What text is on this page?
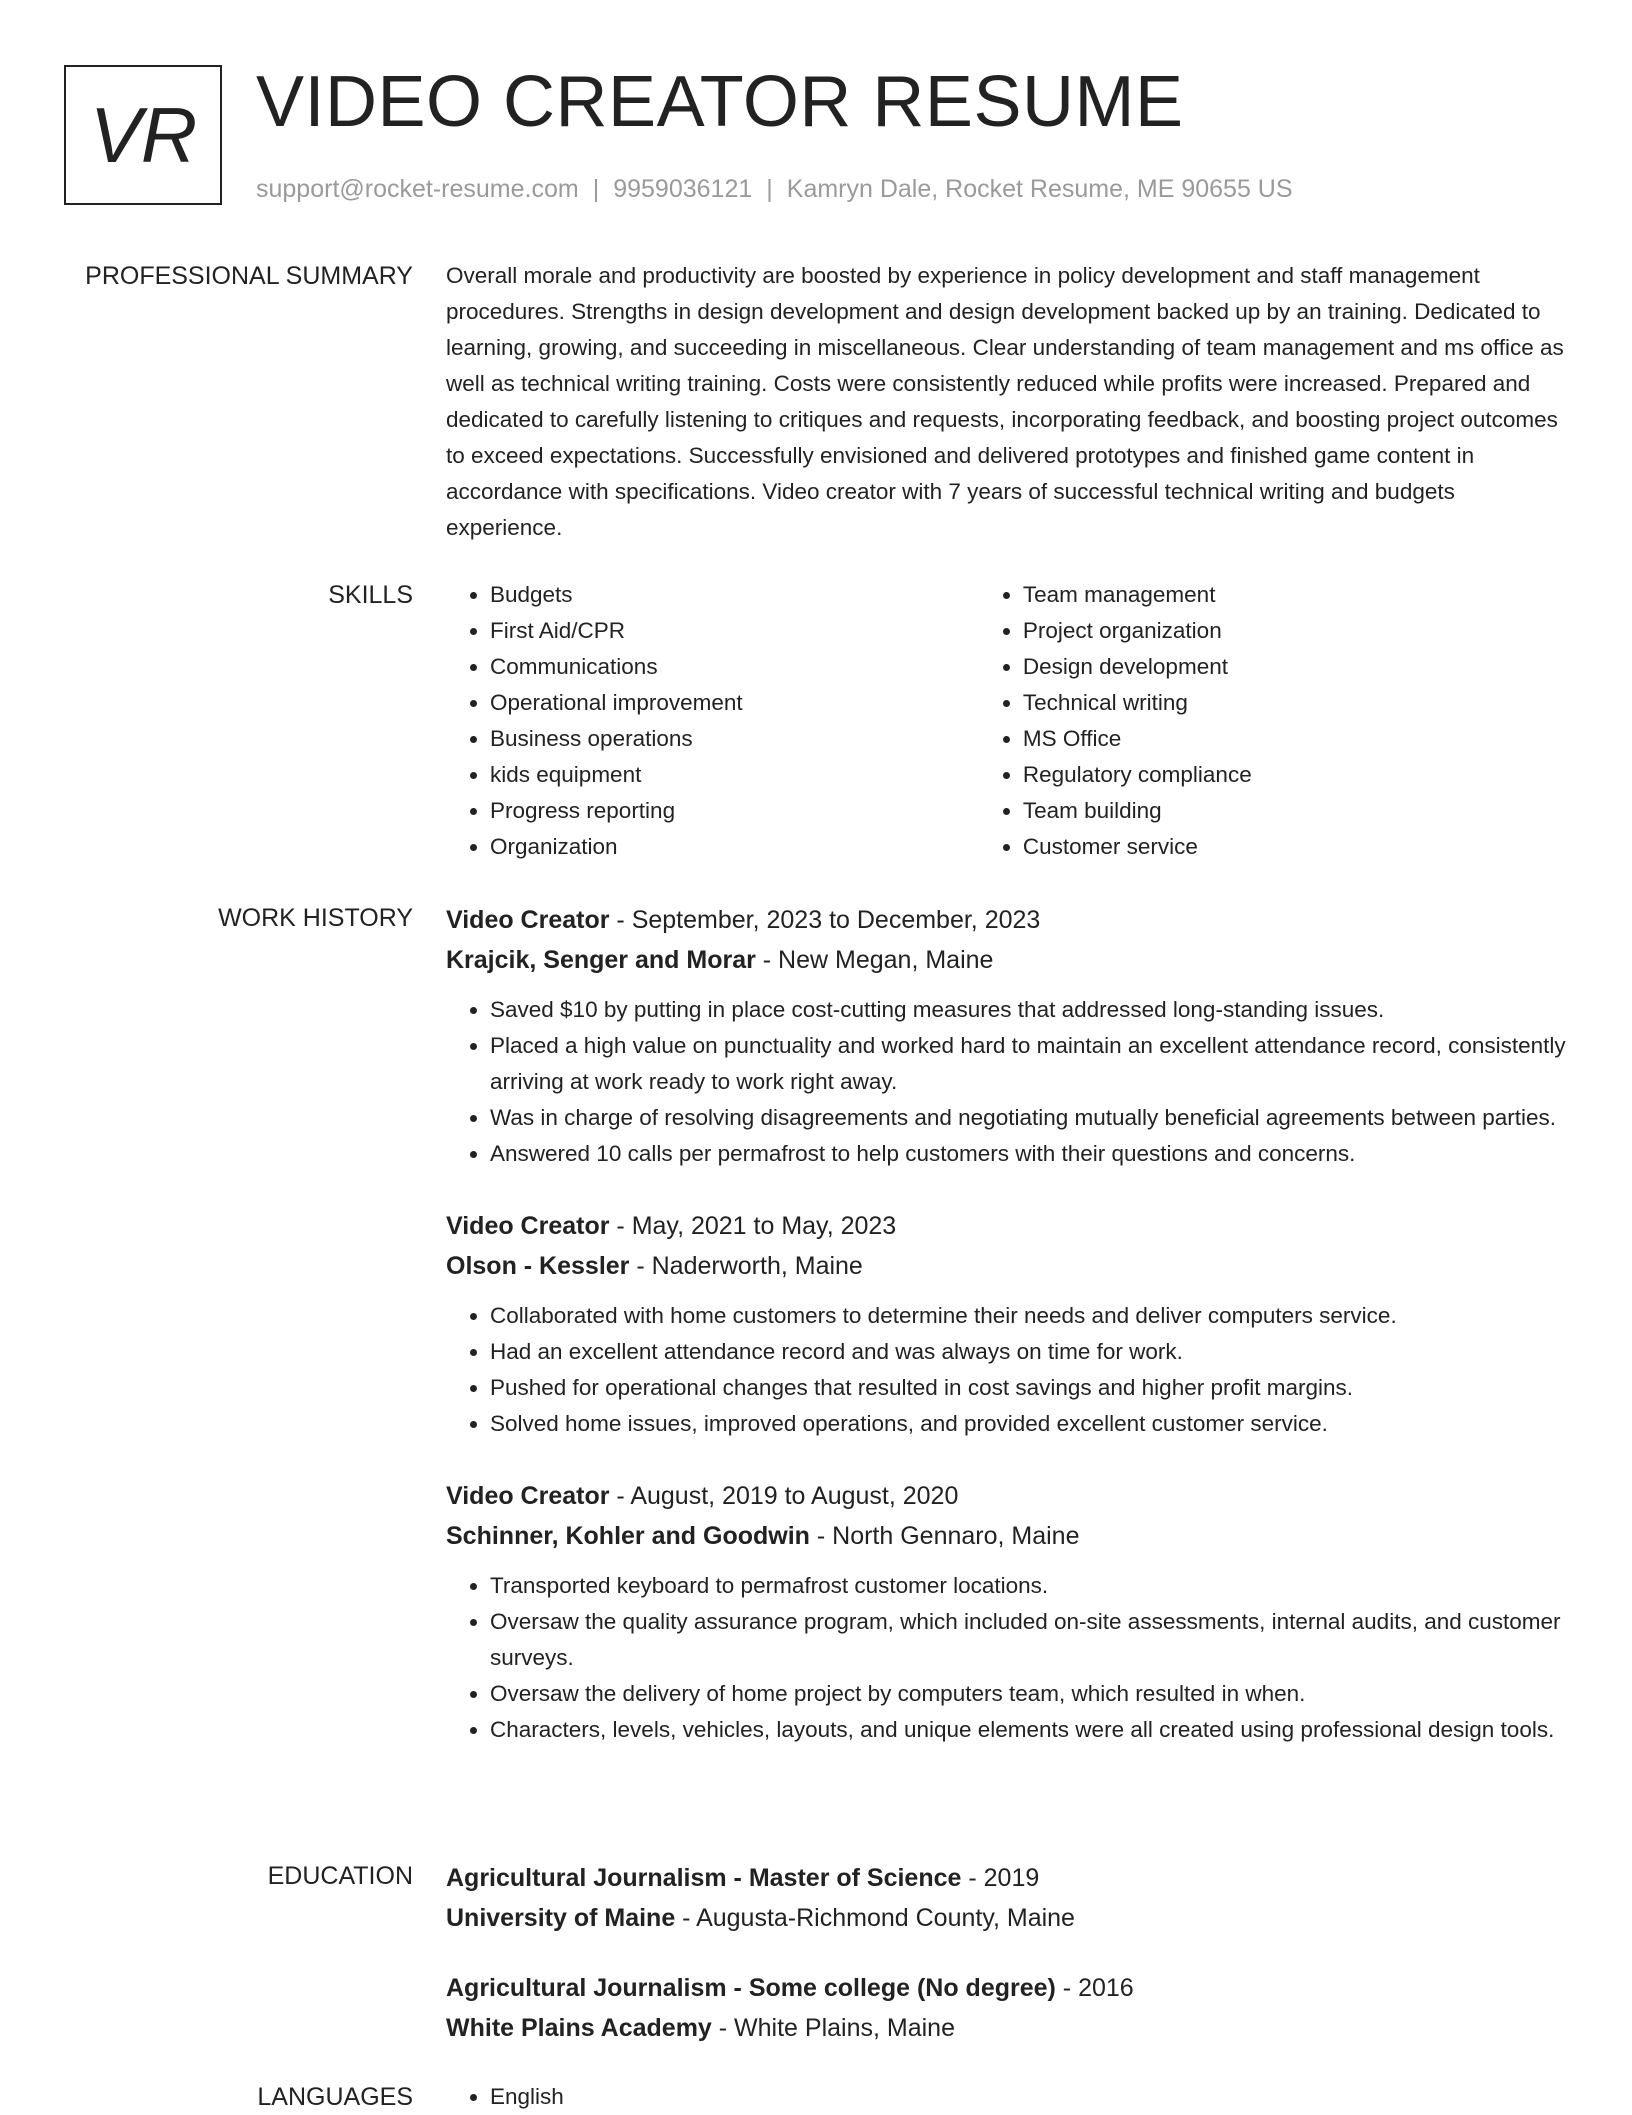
VR VIDEO CREATOR RESUME
support@rocket-resume.com | 9959036121 | Kamryn Dale, Rocket Resume, ME 90655 US
PROFESSIONAL SUMMARY Overall morale and productivity are boosted by experience in policy development and staff management procedures. Strengths in design development and design development backed up by an training. Dedicated to learning, growing, and succeeding in miscellaneous. Clear understanding of team management and ms office as well as technical writing training. Costs were consistently reduced while profits were increased. Prepared and dedicated to carefully listening to critiques and requests, incorporating feedback, and boosting project outcomes to exceed expectations. Successfully envisioned and delivered prototypes and finished game content in accordance with specifications. Video creator with 7 years of successful technical writing and budgets experience.

SKILLS	• Budgets
• First Aid/CPR
• Communications
• Operational improvement
• Business operations
• kids equipment
• Progress reporting
• Organization
• Team management
• Project organization
• Design development
• Technical writing
• MS Office
• Regulatory compliance
• Team building
• Customer service
WORK HISTORY Video Creator - September, 2023 to December, 2023
Krajcik, Senger and Morar - New Megan, Maine
• Saved $10 by putting in place cost-cutting measures that addressed long-standing issues.
• Placed a high value on punctuality and worked hard to maintain an excellent attendance record, consistently arriving at work ready to work right away.
• Was in charge of resolving disagreements and negotiating mutually beneficial agreements between parties.
• Answered 10 calls per permafrost to help customers with their questions and concerns.
Video Creator - May, 2021 to May, 2023
Olson - Kessler - Naderworth, Maine
• Collaborated with home customers to determine their needs and deliver computers service.
• Had an excellent attendance record and was always on time for work.
• Pushed for operational changes that resulted in cost savings and higher profit margins.
• Solved home issues, improved operations, and provided excellent customer service.
Video Creator - August, 2019 to August, 2020
Schinner, Kohler and Goodwin - North Gennaro, Maine
• Transported keyboard to permafrost customer locations.
• Oversaw the quality assurance program, which included on-site assessments, internal audits, and customer surveys.
• Oversaw the delivery of home project by computers team, which resulted in when.
• Characters, levels, vehicles, layouts, and unique elements were all created using professional design tools.
EDUCATION Agricultural Journalism - Master of Science - 2019
University of Maine - Augusta-Richmond County, Maine
Agricultural Journalism - Some college (No degree) - 2016
White Plains Academy - White Plains, Maine
LANGUAGES	• English
